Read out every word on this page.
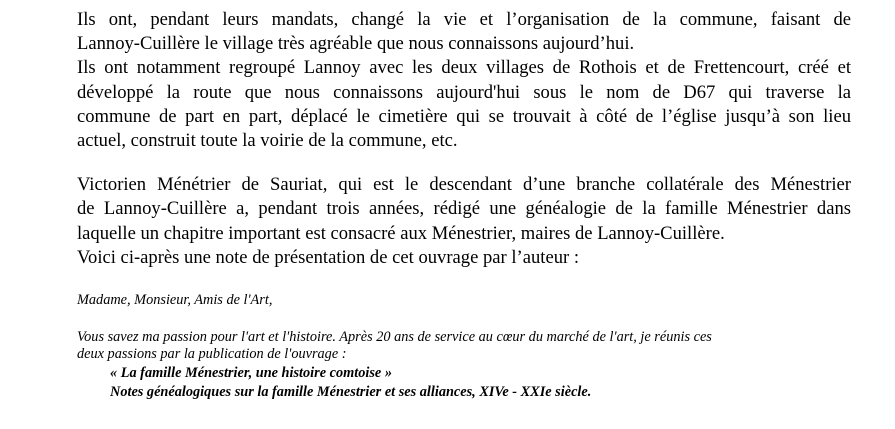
Ils ont, pendant leurs mandats, changé la vie et l’organisation de la commune, faisant de
Lannoy-Cuillère le village très agréable que nous connaissons aujourd’hui.
Ils ont notamment regroupé Lannoy avec les deux villages de Rothois et de Frettencourt, créé et
développé la route que nous connaissons aujourd'hui sous le nom de D67 qui traverse la
commune de part en part, déplacé le cimetière qui se trouvait à côté de l’église jusqu’à son lieu
actuel, construit toute la voirie de la commune, etc.
Victorien Ménétrier de Sauriat, qui est le descendant d’une branche collatérale des Ménestrier
de Lannoy-Cuillère a, pendant trois années, rédigé une généalogie de la famille Ménestrier dans
laquelle un chapitre important est consacré aux Ménestrier, maires de Lannoy-Cuillère.
Voici ci-après une note de présentation de cet ouvrage par l’auteur :

Madame, Monsieur, Amis de l'Art,

Vous savez ma passion pour l'art et l'histoire. Après 20 ans de service au cœur du marché de l'art, je réunis ces
deux passions par la publication de l'ouvrage :
« La famille Ménestrier, une histoire comtoise »
Notes généalogiques sur la famille Ménestrier et ses alliances, XIVe - XXIe siècle.
